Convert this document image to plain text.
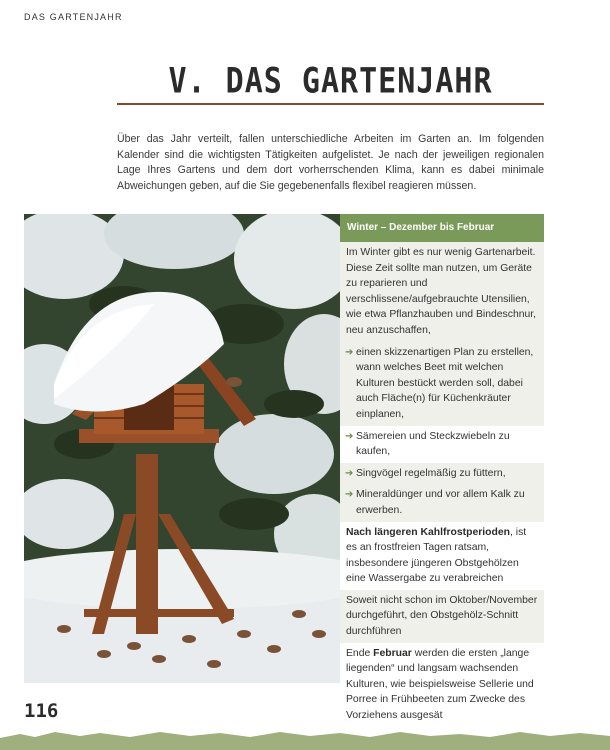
DAS GARTENJAHR
V. DAS GARTENJAHR
Über das Jahr verteilt, fallen unterschiedliche Arbeiten im Garten an. Im folgenden Kalender sind die wichtigsten Tätigkeiten aufgelistet. Je nach der jeweiligen regionalen Lage Ihres Gartens und dem dort vorherrschenden Klima, kann es dabei minimale Abweichungen geben, auf die Sie gegebenenfalls flexibel reagieren müssen.
Winter – Dezember bis Februar
Im Winter gibt es nur wenig Gartenarbeit. Diese Zeit sollte man nutzen, um Geräte zu reparieren und verschlissene/aufgebrauchte Utensilien, wie etwa Pflanzhauben und Bindeschnur, neu anzuschaffen,
➔ einen skizzenartigen Plan zu erstellen, wann welches Beet mit welchen Kulturen bestückt werden soll, dabei auch Fläche(n) für Küchenkräuter einplanen,
➔ Sämereien und Steckzwiebeln zu kaufen,
➔ Singvögel regelmäßig zu füttern,
➔ Mineraldünger und vor allem Kalk zu erwerben.
Nach längeren Kahlfrostperioden, ist es an frostfreien Tagen ratsam, insbesondere jüngeren Obstgehölzen eine Wassergabe zu verabreichen
Soweit nicht schon im Oktober/November durchgeführt, den Obstgehölz-Schnitt durchführen
Ende Februar werden die ersten „lange liegenden“ und langsam wachsenden Kulturen, wie beispielsweise Sellerie und Porree in Frühbeeten zum Zwecke des Vorziehens ausgesät
116
